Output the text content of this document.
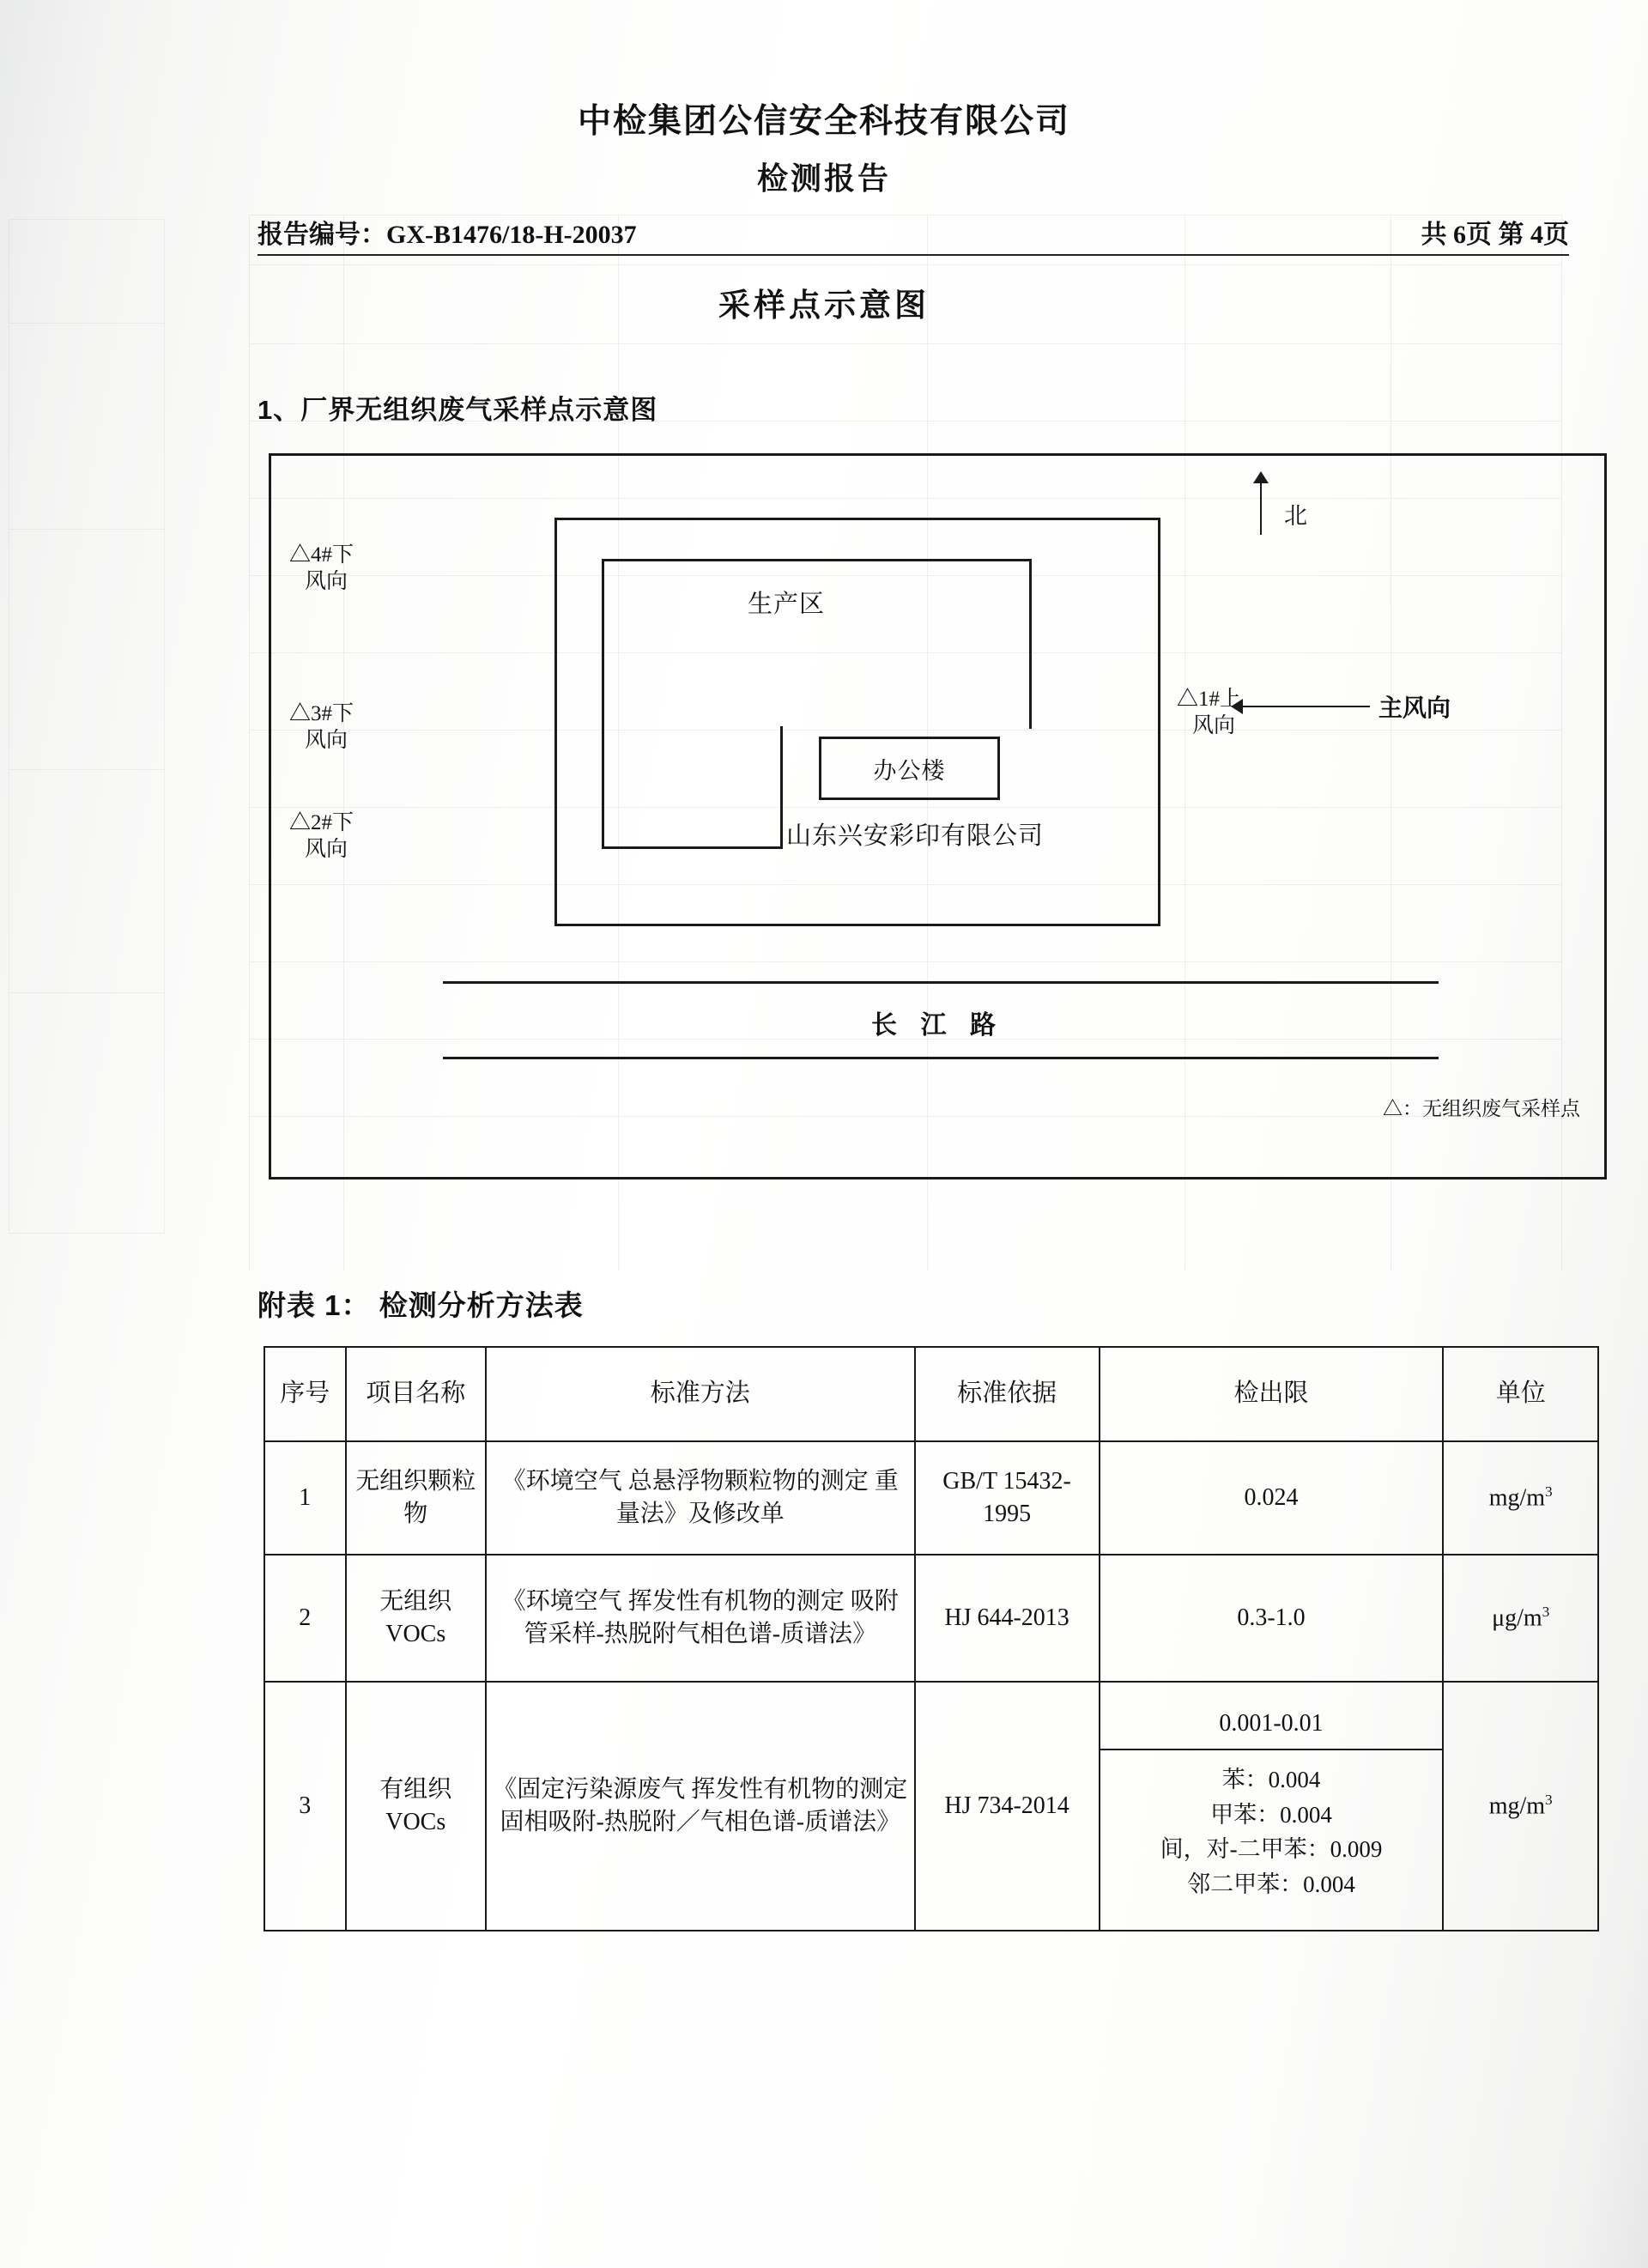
中检集团公信安全科技有限公司
检测报告
报告编号：GX-B1476/18-H-20037	共 6页 第 4页
采样点示意图
1、厂界无组织废气采样点示意图
北
生产区
办公楼
山东兴安彩印有限公司
△4#下
风向
△3#下
风向
△2#下
风向
△1#上
风向
主风向
长 江 路
△：无组织废气采样点
附表 1： 检测分析方法表
序号	项目名称	标准方法	标准依据	检出限	单位
1	无组织颗粒物	《环境空气 总悬浮物颗粒物的测定 重量法》及修改单	GB/T 15432-1995	0.024	$mg/m^3$
2	无组织VOCs	《环境空气 挥发性有机物的测定 吸附管采样-热脱附气相色谱-质谱法》	HJ 644-2013	0.3-1.0	$\mu g/m^3$
3	有组织VOCs	《固定污染源废气 挥发性有机物的测定 固相吸附-热脱附／气相色谱-质谱法》	HJ 734-2014	0.001-0.01
苯：0.004
甲苯：0.004
间，对-二甲苯：0.009
邻二甲苯：0.004	$mg/m^3$
